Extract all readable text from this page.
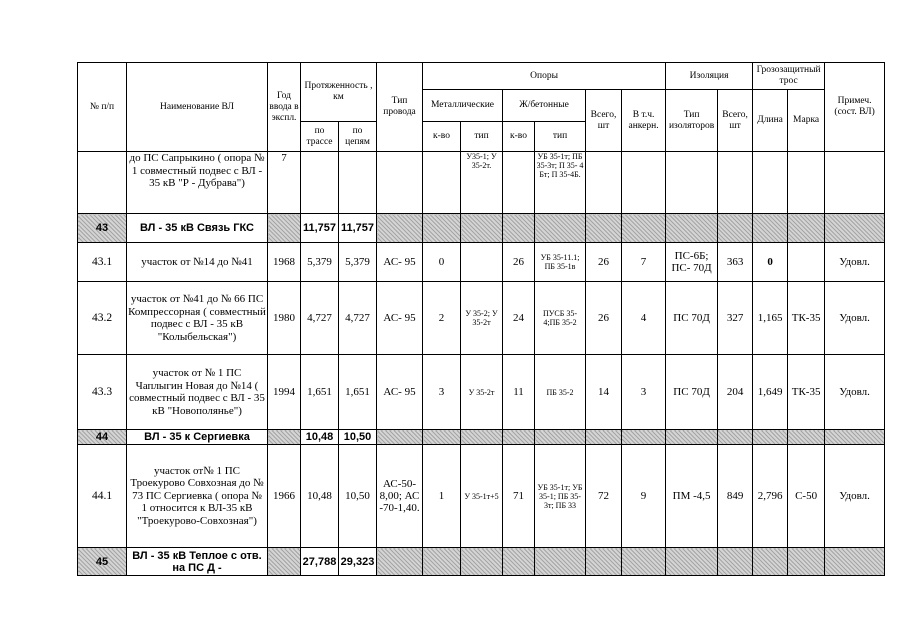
№ п/п	Наименование ВЛ	Год ввода в экспл.	Протяженность , км		Тип провода	Опоры						Изоляция		Грозозащитный трос		Примеч. (сост. ВЛ)
						Металлические		Ж/бетонные		Всего, шт	В т.ч. анкерн.	Тип изоляторов	Всего, шт	Длина	Марка	
			по трассе	по цепям		к-во	тип	к-во	тип							
	до ПС Сапрыкино ( опора № 1 совместный подвес с ВЛ - 35 кВ "Р - Дубрава")	7					У35-1; У 35-2т.		УБ 35-1т; ПБ 35-3т; П 35- 4 Бт; П 35-4Б.							
43	ВЛ - 35 кВ Связь ГКС		11,757	11,757												
43.1	участок от №14 до №41	1968	5,379	5,379	АС- 95	0		26	УБ 35-11.1; ПБ 35-1в	26	7	ПС-6Б; ПС- 70Д	363	0		Удовл.
43.2	участок от №41 до № 66 ПС Компрессорная ( совместный подвес с ВЛ - 35 кВ "Колыбельская")	1980	4,727	4,727	АС- 95	2	У 35-2; У 35-2т	24	ПУСБ 35-4;ПБ 35-2	26	4	ПС 70Д	327	1,165	ТК-35	Удовл.
43.3	участок от № 1 ПС Чаплыгин Новая до №14 ( совместный подвес с ВЛ - 35 кВ "Новополянье")	1994	1,651	1,651	АС- 95	3	У 35-2т	11	ПБ 35-2	14	3	ПС 70Д	204	1,649	ТК-35	Удовл.
44	ВЛ - 35 к Сергиевка		10,48	10,50												
44.1	участок от№ 1 ПС Троекурово Совхозная до № 73 ПС Сергиевка ( опора № 1 относится к ВЛ-35 кВ "Троекурово-Совхозная")	1966	10,48	10,50	АС-50-8,00; АС -70-1,40.	1	У 35-1т+5	71	УБ 35-1т; УБ 35-1; ПБ 35-3т; ПБ 33	72	9	ПМ -4,5	849	2,796	С-50	Удовл.
45	ВЛ - 35 кВ Теплое с отв. на ПС Д -		27,788	29,323												
